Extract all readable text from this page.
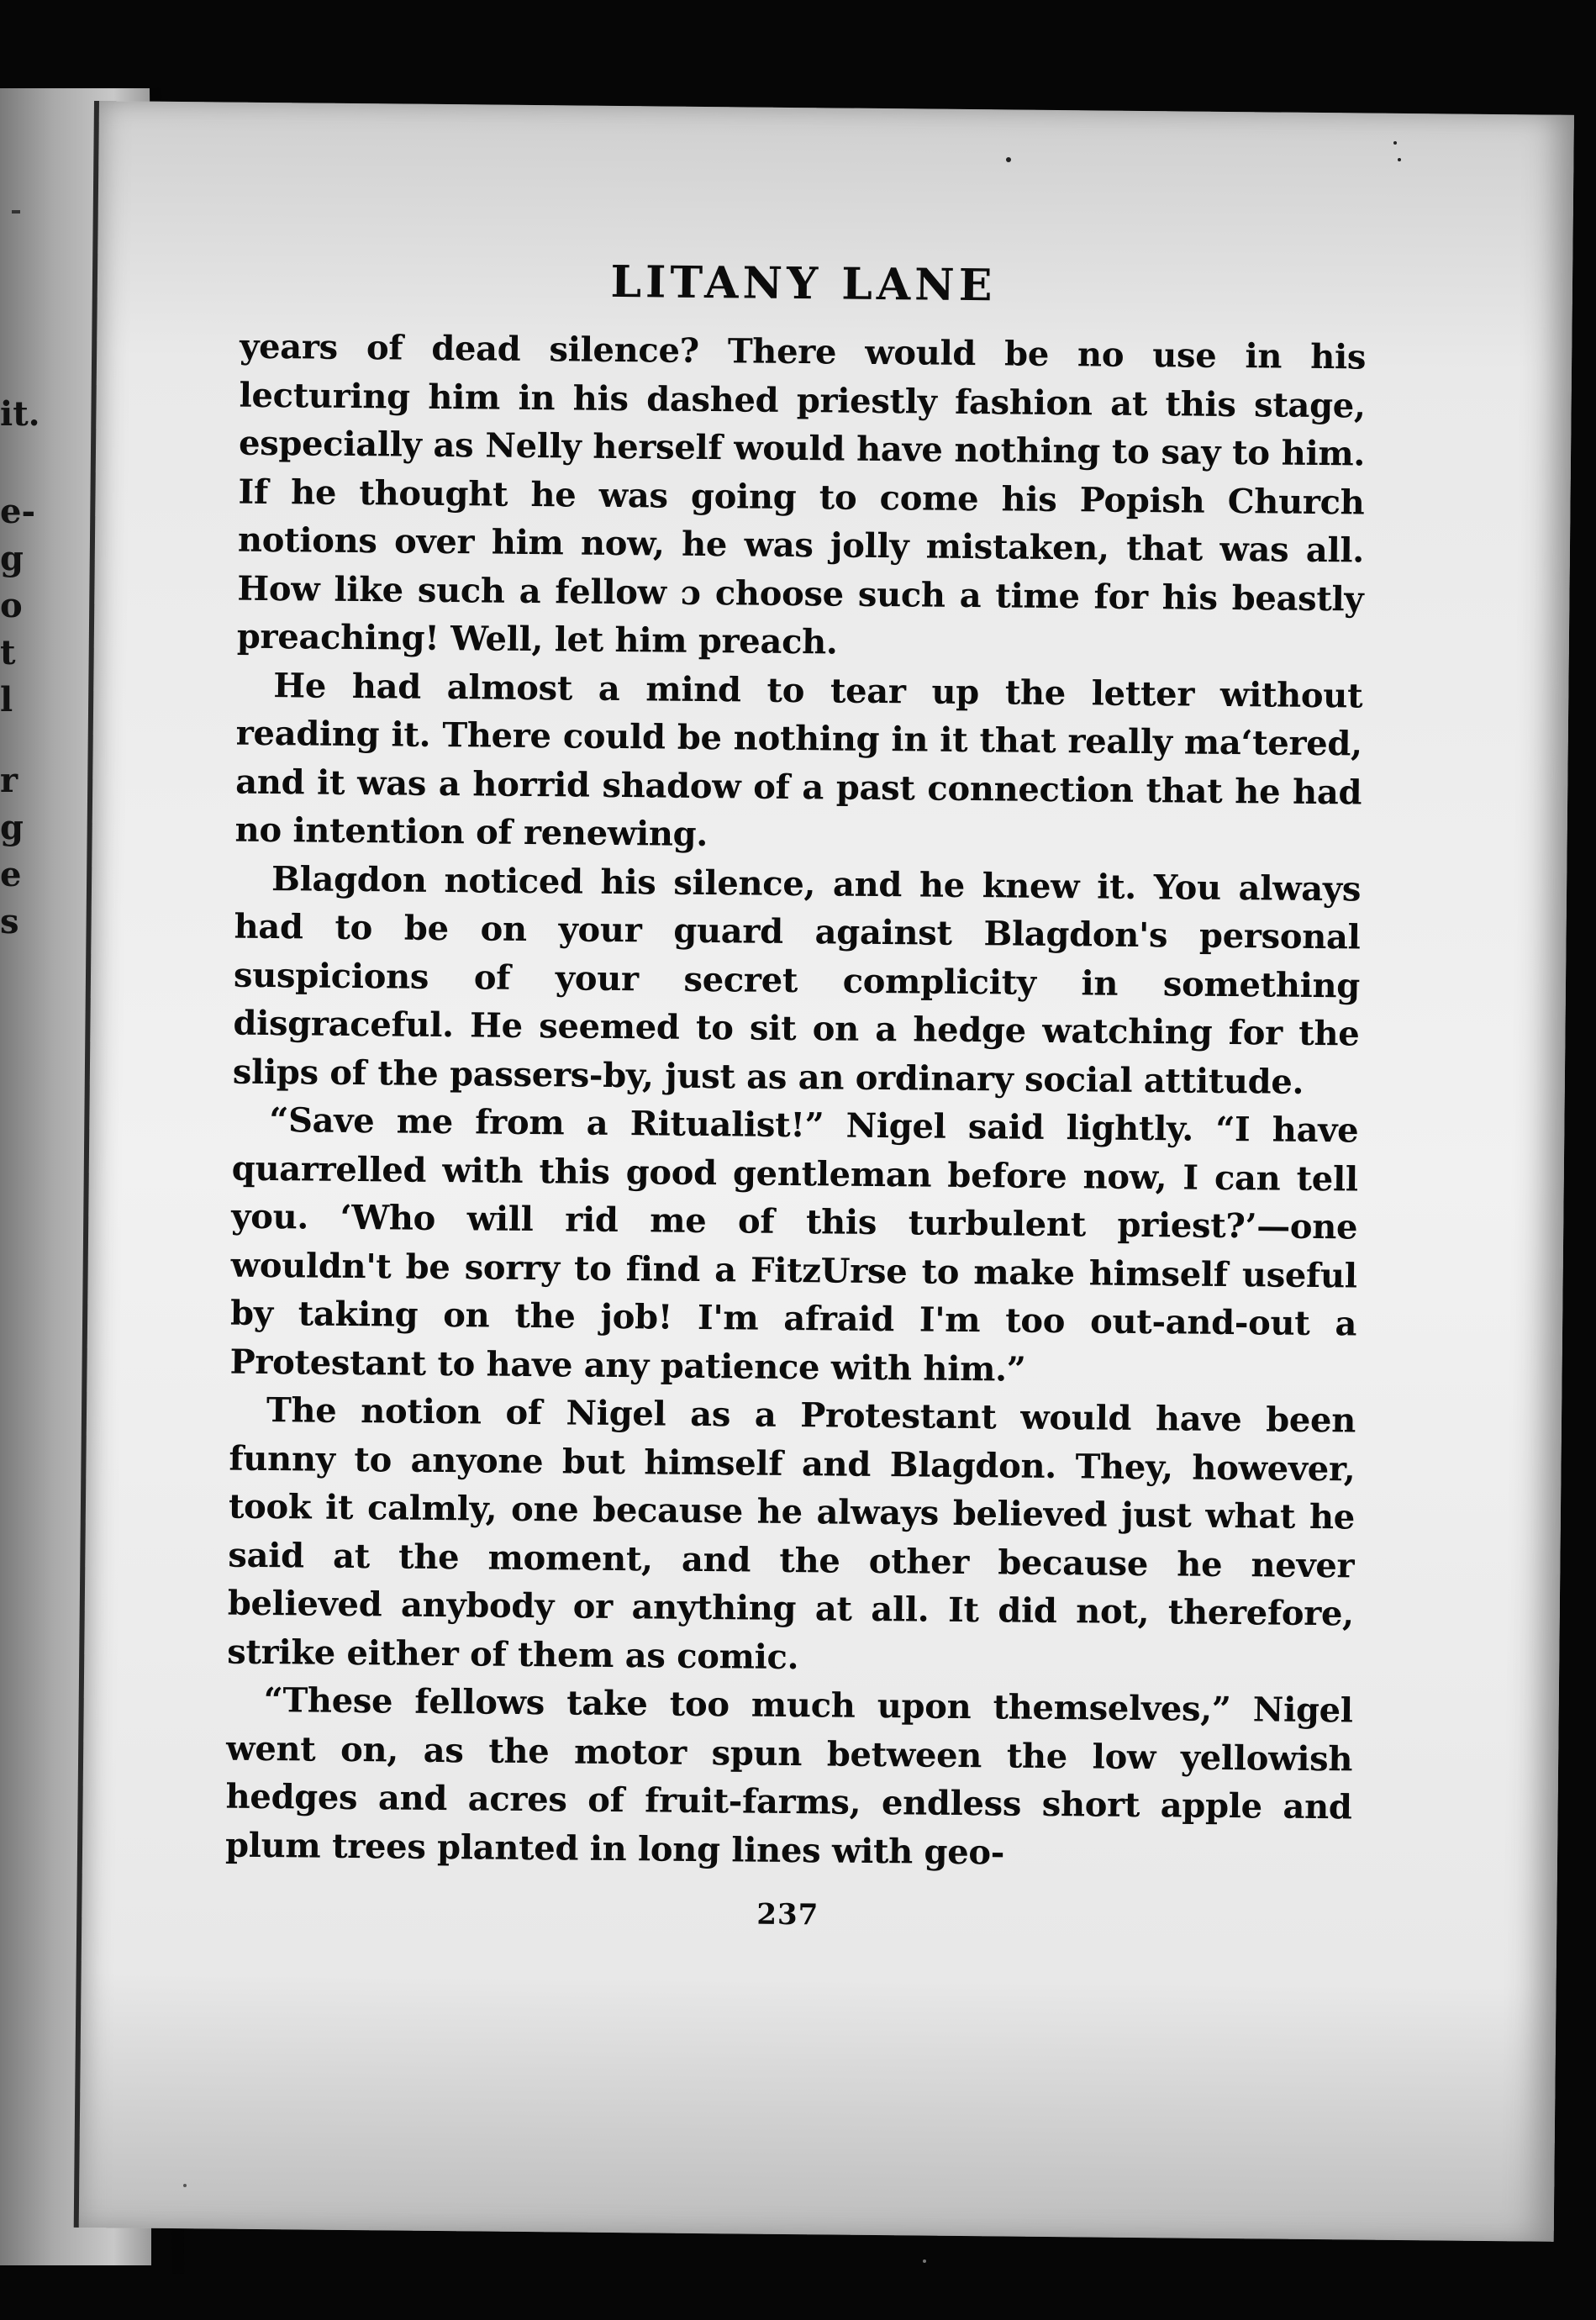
it.
e-
g
o
t
l
r
g
e
s
LITANY LANE

years of dead silence? There would be no use in his lecturing him in his dashed priestly fashion at this stage, especially as Nelly herself would have nothing to say to him. If he thought he was going to come his Popish Church notions over him now, he was jolly mistaken, that was all. How like such a fellow ɔ choose such a time for his beastly preaching! Well, let him preach.

He had almost a mind to tear up the letter without reading it. There could be nothing in it that really maʻtered, and it was a horrid shadow of a past connection that he had no intention of renewing.

Blagdon noticed his silence, and he knew it. You always had to be on your guard against Blagdon's personal suspicions of your secret complicity in something disgraceful. He seemed to sit on a hedge watching for the slips of the passers-by, just as an ordinary social attitude.

“Save me from a Ritualist!” Nigel said lightly. “I have quarrelled with this good gentleman before now, I can tell you. ‘Who will rid me of this turbulent priest?’—one wouldn't be sorry to find a FitzUrse to make himself useful by taking on the job! I'm afraid I'm too out-and-out a Protestant to have any patience with him.”

The notion of Nigel as a Protestant would have been funny to anyone but himself and Blagdon. They, however, took it calmly, one because he always believed just what he said at the moment, and the other because he never believed anybody or anything at all. It did not, therefore, strike either of them as comic.

“These fellows take too much upon themselves,” Nigel went on, as the motor spun between the low yellowish hedges and acres of fruit-farms, endless short apple and plum trees planted in long lines with geo-

237
